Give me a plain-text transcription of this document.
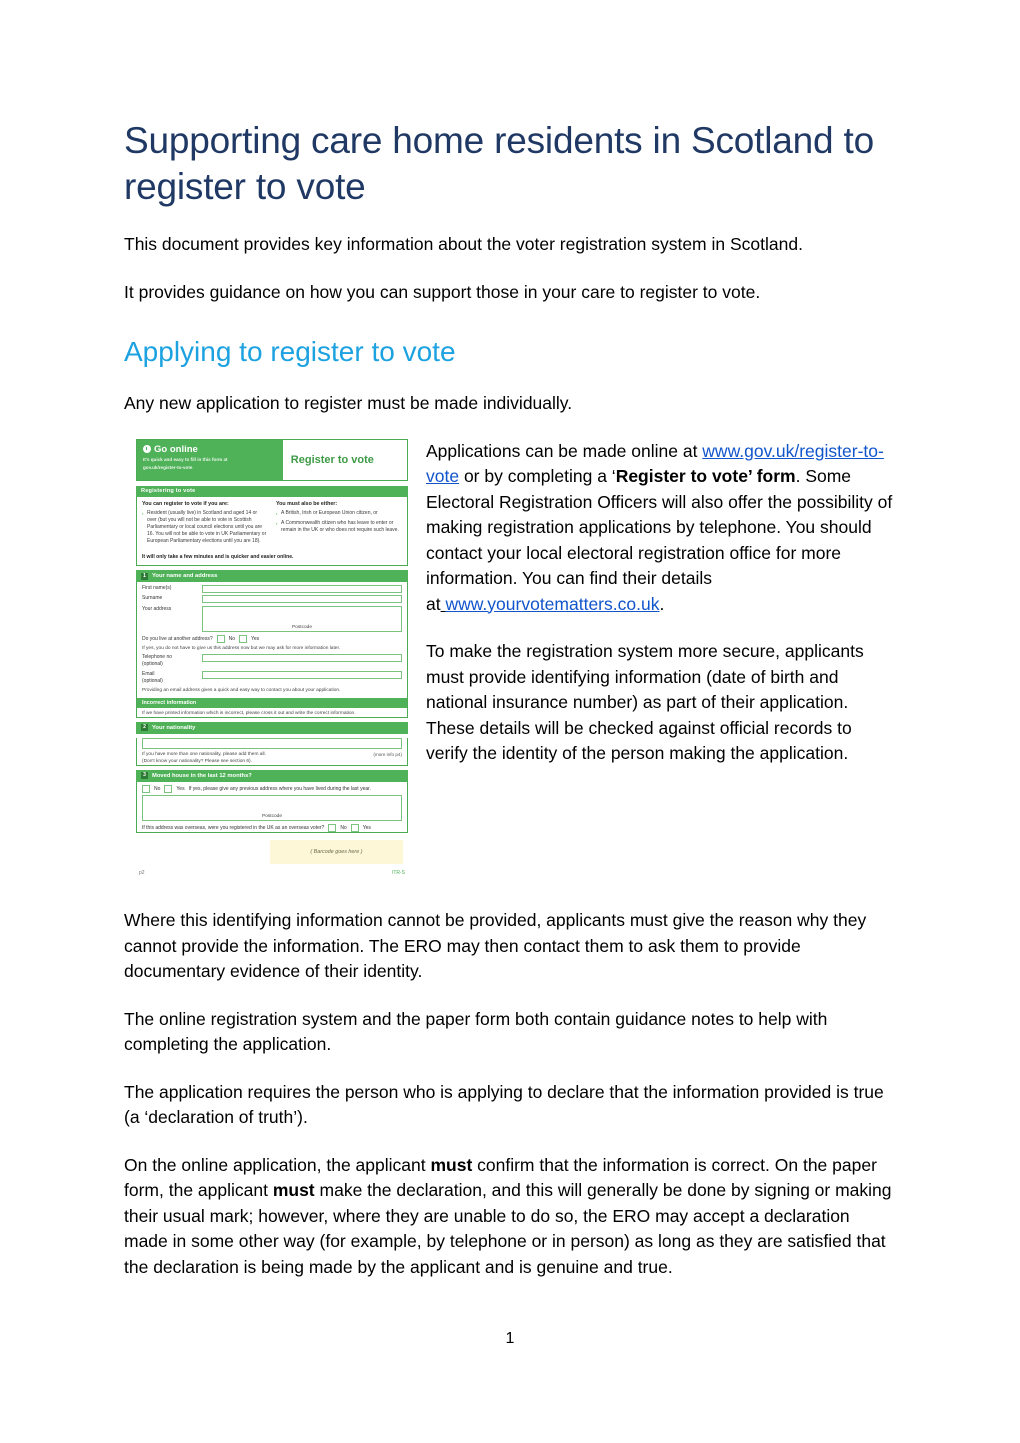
Supporting care home residents in Scotland to register to vote

This document provides key information about the voter registration system in Scotland.

It provides guidance on how you can support those in your care to register to vote.

Applying to register to vote

Any new application to register must be made individually.

Go online
It's quick and easy to fill in this form at
gov.uk/register-to-vote
Register to vote
Registering to vote
You can register to vote if you are:
▪ Resident (usually live) in Scotland and aged 14 or over (but you will not be able to vote in Scottish Parliamentary or local council elections until you are 16. You will not be able to vote in UK Parliamentary or European Parliamentary elections until you are 18).
You must also be either:
▪ A British, Irish or European Union citizen, or
▪ A Commonwealth citizen who has leave to enter or remain in the UK or who does not require such leave.
It will only take a few minutes and is quicker and easier online.
1	Your name and address
First name(s)
Surname
Your address
Postcode
Do you live at another address?	No	Yes
If yes, you do not have to give us this address now but we may ask for more information later.
Telephone no
(optional)
Email
(optional)
Providing an email address gives a quick and easy way to contact you about your application.
Incorrect information
If we have printed information which is incorrect, please cross it out and write the correct information.
2	Your nationality
(more info p4)
If you have more than one nationality, please add them all.
(Don't know your nationality? Please see section 6).
3	Moved house in the last 12 months?
No	Yes If yes, please give any previous address where you have lived during the last year.
Postcode
If this address was overseas, were you registered in the UK as an overseas voter?	No	Yes
( Barcode goes here )
p2	ITR-S

Applications can be made online at www.gov.uk/register-to-vote or by completing a ‘Register to vote’ form. Some Electoral Registration Officers will also offer the possibility of making registration applications by telephone. You should contact your local electoral registration office for more information. You can find their details at www.yourvotematters.co.uk.

To make the registration system more secure, applicants must provide identifying information (date of birth and national insurance number) as part of their application. These details will be checked against official records to verify the identity of the person making the application.

Where this identifying information cannot be provided, applicants must give the reason why they cannot provide the information. The ERO may then contact them to ask them to provide documentary evidence of their identity.

The online registration system and the paper form both contain guidance notes to help with completing the application.

The application requires the person who is applying to declare that the information provided is true (a ‘declaration of truth’).

On the online application, the applicant must confirm that the information is correct. On the paper form, the applicant must make the declaration, and this will generally be done by signing or making their usual mark; however, where they are unable to do so, the ERO may accept a declaration made in some other way (for example, by telephone or in person) as long as they are satisfied that the declaration is being made by the applicant and is genuine and true.

1
